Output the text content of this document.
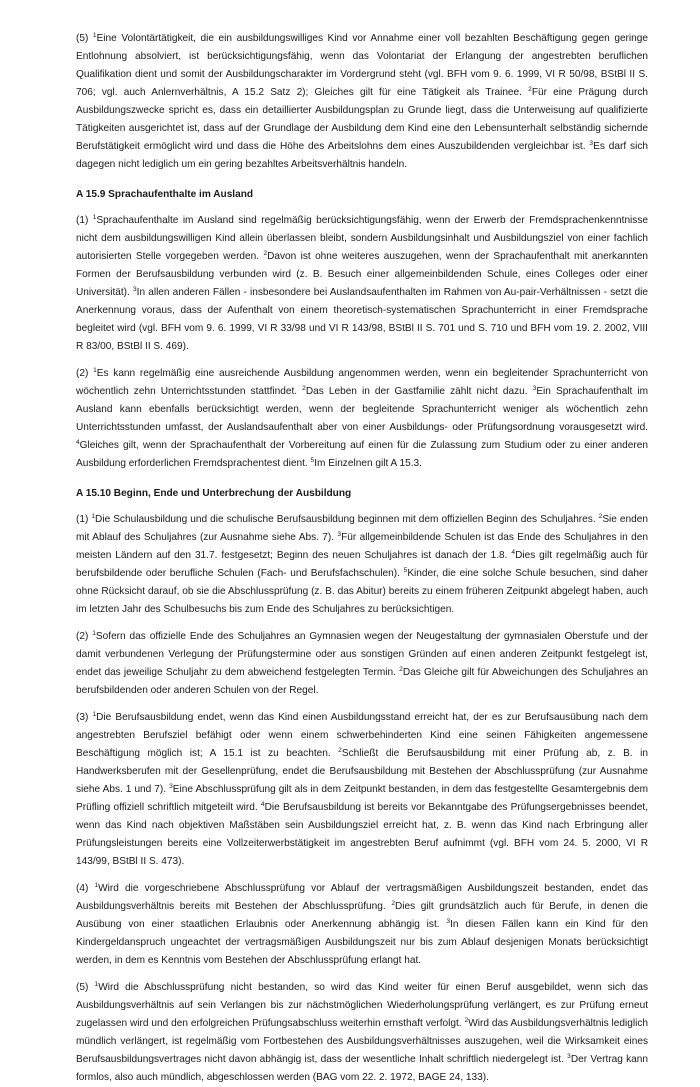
(5) $^1$Eine Volontärtätigkeit, die ein ausbildungswilliges Kind vor Annahme einer voll bezahlten Beschäftigung gegen geringe Entlohnung absolviert, ist berücksichtigungsfähig, wenn das Volontariat der Erlangung der angestrebten beruflichen Qualifikation dient und somit der Ausbildungscharakter im Vordergrund steht (vgl. BFH vom 9. 6. 1999, VI R 50/98, BStBl II S. 706; vgl. auch Anlernverhältnis, A 15.2 Satz 2); Gleiches gilt für eine Tätigkeit als Trainee. $^2$Für eine Prägung durch Ausbildungszwecke spricht es, dass ein detaillierter Ausbildungsplan zu Grunde liegt, dass die Unterweisung auf qualifizierte Tätigkeiten ausgerichtet ist, dass auf der Grundlage der Ausbildung dem Kind eine den Lebensunterhalt selbständig sichernde Berufstätigkeit ermöglicht wird und dass die Höhe des Arbeitslohns dem eines Auszubildenden vergleichbar ist. $^3$Es darf sich dagegen nicht lediglich um ein gering bezahltes Arbeitsverhältnis handeln.

A 15.9 Sprachaufenthalte im Ausland

(1) $^1$Sprachaufenthalte im Ausland sind regelmäßig berücksichtigungsfähig, wenn der Erwerb der Fremdsprachenkenntnisse nicht dem ausbildungswilligen Kind allein überlassen bleibt, sondern Ausbildungsinhalt und Ausbildungsziel von einer fachlich autorisierten Stelle vorgegeben werden. $^2$Davon ist ohne weiteres auszugehen, wenn der Sprachaufenthalt mit anerkannten Formen der Berufsausbildung verbunden wird (z. B. Besuch einer allgemeinbildenden Schule, eines Colleges oder einer Universität). $^3$In allen anderen Fällen - insbesondere bei Auslandsaufenthalten im Rahmen von Au-pair-Verhältnissen - setzt die Anerkennung voraus, dass der Aufenthalt von einem theoretisch-systematischen Sprachunterricht in einer Fremdsprache begleitet wird (vgl. BFH vom 9. 6. 1999, VI R 33/98 und VI R 143/98, BStBl II S. 701 und S. 710 und BFH vom 19. 2. 2002, VIII R 83/00, BStBl II S. 469).

(2) $^1$Es kann regelmäßig eine ausreichende Ausbildung angenommen werden, wenn ein begleitender Sprachunterricht von wöchentlich zehn Unterrichtsstunden stattfindet. $^2$Das Leben in der Gastfamilie zählt nicht dazu. $^3$Ein Sprachaufenthalt im Ausland kann ebenfalls berücksichtigt werden, wenn der begleitende Sprachunterricht weniger als wöchentlich zehn Unterrichtsstunden umfasst, der Auslandsaufenthalt aber von einer Ausbildungs- oder Prüfungsordnung vorausgesetzt wird. $^4$Gleiches gilt, wenn der Sprachaufenthalt der Vorbereitung auf einen für die Zulassung zum Studium oder zu einer anderen Ausbildung erforderlichen Fremdsprachentest dient. $^5$Im Einzelnen gilt A 15.3.

A 15.10 Beginn, Ende und Unterbrechung der Ausbildung

(1) $^1$Die Schulausbildung und die schulische Berufsausbildung beginnen mit dem offiziellen Beginn des Schuljahres. $^2$Sie enden mit Ablauf des Schuljahres (zur Ausnahme siehe Abs. 7). $^3$Für allgemeinbildende Schulen ist das Ende des Schuljahres in den meisten Ländern auf den 31.7. festgesetzt; Beginn des neuen Schuljahres ist danach der 1.8. $^4$Dies gilt regelmäßig auch für berufsbildende oder berufliche Schulen (Fach- und Berufsfachschulen). $^5$Kinder, die eine solche Schule besuchen, sind daher ohne Rücksicht darauf, ob sie die Abschlussprüfung (z. B. das Abitur) bereits zu einem früheren Zeitpunkt abgelegt haben, auch im letzten Jahr des Schulbesuchs bis zum Ende des Schuljahres zu berücksichtigen.

(2) $^1$Sofern das offizielle Ende des Schuljahres an Gymnasien wegen der Neugestaltung der gymnasialen Oberstufe und der damit verbundenen Verlegung der Prüfungstermine oder aus sonstigen Gründen auf einen anderen Zeitpunkt festgelegt ist, endet das jeweilige Schuljahr zu dem abweichend festgelegten Termin. $^2$Das Gleiche gilt für Abweichungen des Schuljahres an berufsbildenden oder anderen Schulen von der Regel.

(3) $^1$Die Berufsausbildung endet, wenn das Kind einen Ausbildungsstand erreicht hat, der es zur Berufsausübung nach dem angestrebten Berufsziel befähigt oder wenn einem schwerbehinderten Kind eine seinen Fähigkeiten angemessene Beschäftigung möglich ist; A 15.1 ist zu beachten. $^2$Schließt die Berufsausbildung mit einer Prüfung ab, z. B. in Handwerksberufen mit der Gesellenprüfung, endet die Berufsausbildung mit Bestehen der Abschlussprüfung (zur Ausnahme siehe Abs. 1 und 7). $^3$Eine Abschlussprüfung gilt als in dem Zeitpunkt bestanden, in dem das festgestellte Gesamtergebnis dem Prüfling offiziell schriftlich mitgeteilt wird. $^4$Die Berufsausbildung ist bereits vor Bekanntgabe des Prüfungsergebnisses beendet, wenn das Kind nach objektiven Maßstäben sein Ausbildungsziel erreicht hat, z. B. wenn das Kind nach Erbringung aller Prüfungsleistungen bereits eine Vollzeiterwerbstätigkeit im angestrebten Beruf aufnimmt (vgl. BFH vom 24. 5. 2000, VI R 143/99, BStBl II S. 473).

(4) $^1$Wird die vorgeschriebene Abschlussprüfung vor Ablauf der vertragsmäßigen Ausbildungszeit bestanden, endet das Ausbildungsverhältnis bereits mit Bestehen der Abschlussprüfung. $^2$Dies gilt grundsätzlich auch für Berufe, in denen die Ausübung von einer staatlichen Erlaubnis oder Anerkennung abhängig ist. $^3$In diesen Fällen kann ein Kind für den Kindergeldanspruch ungeachtet der vertragsmäßigen Ausbildungszeit nur bis zum Ablauf desjenigen Monats berücksichtigt werden, in dem es Kenntnis vom Bestehen der Abschlussprüfung erlangt hat.

(5) $^1$Wird die Abschlussprüfung nicht bestanden, so wird das Kind weiter für einen Beruf ausgebildet, wenn sich das Ausbildungsverhältnis auf sein Verlangen bis zur nächstmöglichen Wiederholungsprüfung verlängert, es zur Prüfung erneut zugelassen wird und den erfolgreichen Prüfungsabschluss weiterhin ernsthaft verfolgt. $^2$Wird das Ausbildungsverhältnis lediglich mündlich verlängert, ist regelmäßig vom Fortbestehen des Ausbildungsverhältnisses auszugehen, weil die Wirksamkeit eines Berufsausbildungsvertrages nicht davon abhängig ist, dass der wesentliche Inhalt schriftlich niedergelegt ist. $^3$Der Vertrag kann formlos, also auch mündlich, abgeschlossen werden (BAG vom 22. 2. 1972, BAGE 24, 133).
